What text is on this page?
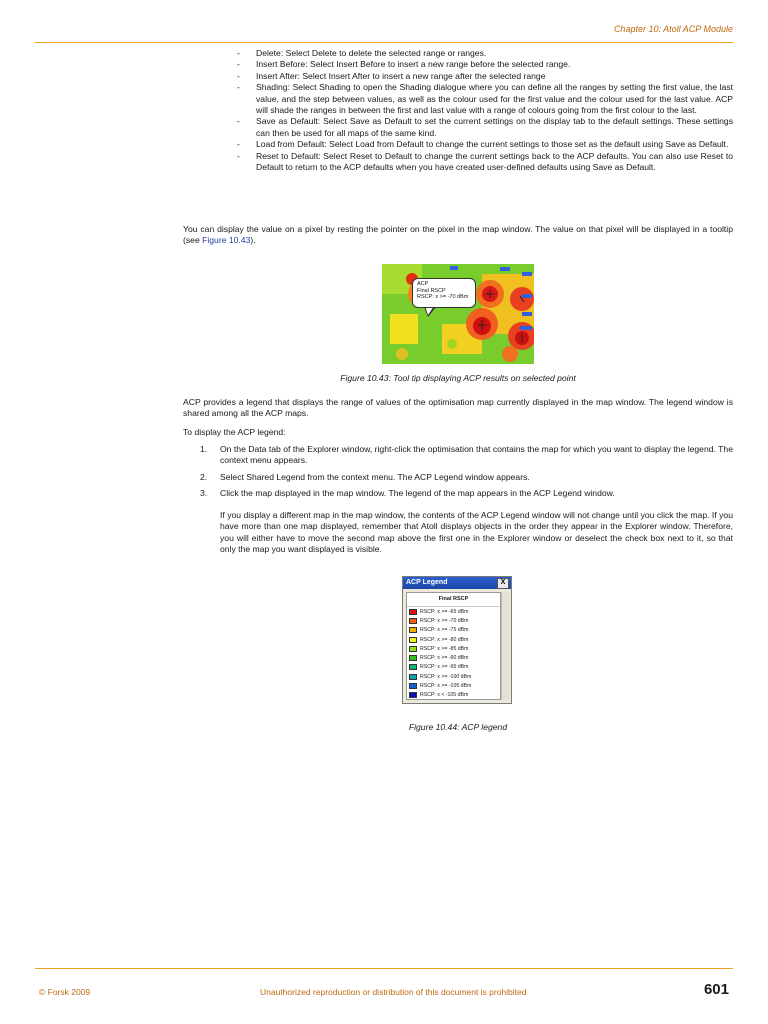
Chapter 10: Atoll ACP Module
- Delete: Select Delete to delete the selected range or ranges.
- Insert Before: Select Insert Before to insert a new range before the selected range.
- Insert After: Select Insert After to insert a new range after the selected range
- Shading: Select Shading to open the Shading dialogue where you can define all the ranges by setting the first value, the last value, and the step between values, as well as the colour used for the first value and the colour used for the last value. ACP will shade the ranges in between the first and last value with a range of colours going from the first colour to the last.
- Save as Default: Select Save as Default to set the current settings on the display tab to the default settings. These settings can then be used for all maps of the same kind.
- Load from Default: Select Load from Default to change the current settings to those set as the default using Save as Default.
- Reset to Default: Select Reset to Default to change the current settings back to the ACP defaults. You can also use Reset to Default to return to the ACP defaults when you have created user-defined defaults using Save as Default.
You can display the value on a pixel by resting the pointer on the pixel in the map window. The value on that pixel will be displayed in a tooltip (see Figure 10.43).
ACP
Final RSCP
RSCP: x >= -70 dBm
Figure 10.43: Tool tip displaying ACP results on selected point
ACP provides a legend that displays the range of values of the optimisation map currently displayed in the map window. The legend window is shared among all the ACP maps.
To display the ACP legend:
1. On the Data tab of the Explorer window, right-click the optimisation that contains the map for which you want to display the legend. The context menu appears.
2. Select Shared Legend from the context menu. The ACP Legend window appears.
3. Click the map displayed in the map window. The legend of the map appears in the ACP Legend window.
If you display a different map in the map window, the contents of the ACP Legend window will not change until you click the map. If you have more than one map displayed, remember that Atoll displays objects in the order they appear in the Explorer window. Therefore, you will either have to move the second map above the first one in the Explorer window or deselect the check box next to it, so that only the map you want displayed is visible.
ACP Legend	X
Final RSCP
RSCP: x >= -65 dBm
RSCP: x >= -70 dBm
RSCP: x >= -75 dBm
RSCP: x >= -80 dBm
RSCP: x >= -85 dBm
RSCP: x >= -90 dBm
RSCP: x >= -95 dBm
RSCP: x >= -100 dBm
RSCP: x >= -105 dBm
RSCP: x < -105 dBm
Figure 10.44: ACP legend
© Forsk 2009	Unauthorized reproduction or distribution of this document is prohibited	601
